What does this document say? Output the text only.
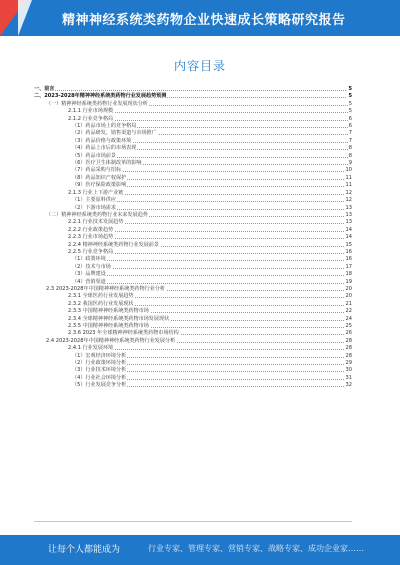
精神神经系统类药物企业快速成长策略研究报告
内容目录
一、前言	5
二、2023-2028年精神神经系统类药物行业发展趋势预测	5
（一）精神神经系统类药物行业发展现状分析	5
2.1.1 行业市场规模	5
2.1.2 行业竞争格局	6
（1）药品市场上的竞争格局	6
（2）药品研发、销售渠道与市场推广	7
（3）药品价格与政策环境	7
（4）药品上市后的市场表现	8
（5）药品市场前景	8
（6）医疗卫生体制改革的影响	9
（7）药品采购与招标	10
（8）药品知识产权保护	11
（9）医疗保险政策影响	11
2.1.3 行业上下游产业链	12
（1）主要原料供应	12
（2）下游市场需求	13
（二）精神神经系统类药物行业未来发展趋势	13
2.2.1 行业技术发展趋势	13
2.2.2 行业政策趋势	14
2.2.3 行业市场趋势	14
2.2.4 精神神经系统类药物行业发展前景	15
2.2.5 行业竞争格局	16
（1）政策环境	16
（2）技术与市场	17
（3）品牌建设	18
（4）营销渠道	19
2.3 2023-2028年中国精神神经系统类药物行业分析	20
2.3.1 全球医药行业发展趋势	20
2.3.2 我国医药行业发展现状	21
2.3.3 中国精神神经系统类药物市场	22
2.3.4 全球精神神经系统类药物市场发展现状	24
2.3.5 中国精神神经系统类药物市场	25
2.3.6 2023 年全球精神神经系统类药物市场结构	26
2.4 2023-2028年中国精神神经系统类药物行业发展分析	28
2.4.1 行业发展环境	28
（1）宏观经济环境分析	28
（2）行业政策环境分析	29
（3）行业技术环境分析	30
（4）行业社会环境分析	31
（5）行业发展竞争分析	32
让每个人都能成为	行业专家、管理专家、营销专家、战略专家、成功企业家……
